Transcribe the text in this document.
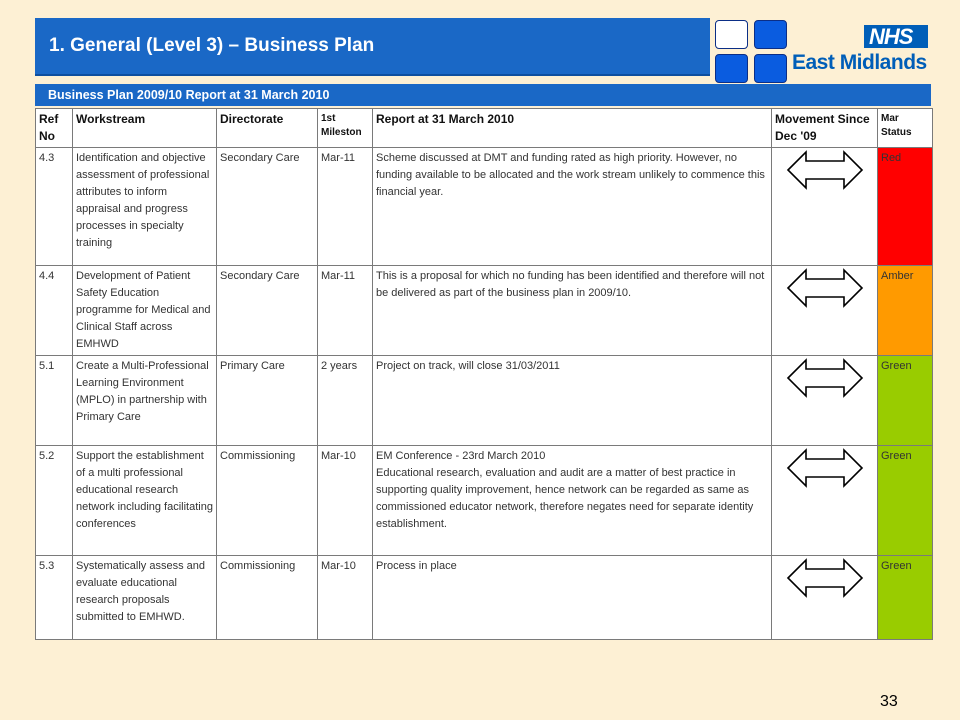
1. General (Level 3) – Business Plan	NHS
East Midlands
Business Plan 2009/10 Report at 31 March 2010
Ref No	Workstream	Directorate	1st Mileston	Report at 31 March 2010	Movement Since Dec '09	Mar Status
4.3	Identification and objective assessment of professional attributes to inform appraisal and progress processes in specialty training	Secondary Care	Mar-11	Scheme discussed at DMT and funding rated as high priority. However, no funding available to be allocated and the work stream unlikely to commence this financial year.		Red
4.4	Development of Patient Safety Education programme for Medical and Clinical Staff across EMHWD	Secondary Care	Mar-11	This is a proposal for which no funding has been identified and therefore will not be delivered as part of the business plan in 2009/10.		Amber
5.1	Create a Multi-Professional Learning Environment (MPLO) in partnership with Primary Care	Primary Care	2 years	Project on track, will close 31/03/2011		Green
5.2	Support the establishment of a multi professional educational research network including facilitating conferences	Commissioning	Mar-10	EM Conference - 23rd March 2010
Educational research, evaluation and audit are a matter of best practice in supporting quality improvement, hence network can be regarded as same as commissioned educator network, therefore negates need for separate identity establishment.		Green
5.3	Systematically assess and evaluate educational research proposals submitted to EMHWD.	Commissioning	Mar-10	Process in place		Green
33
